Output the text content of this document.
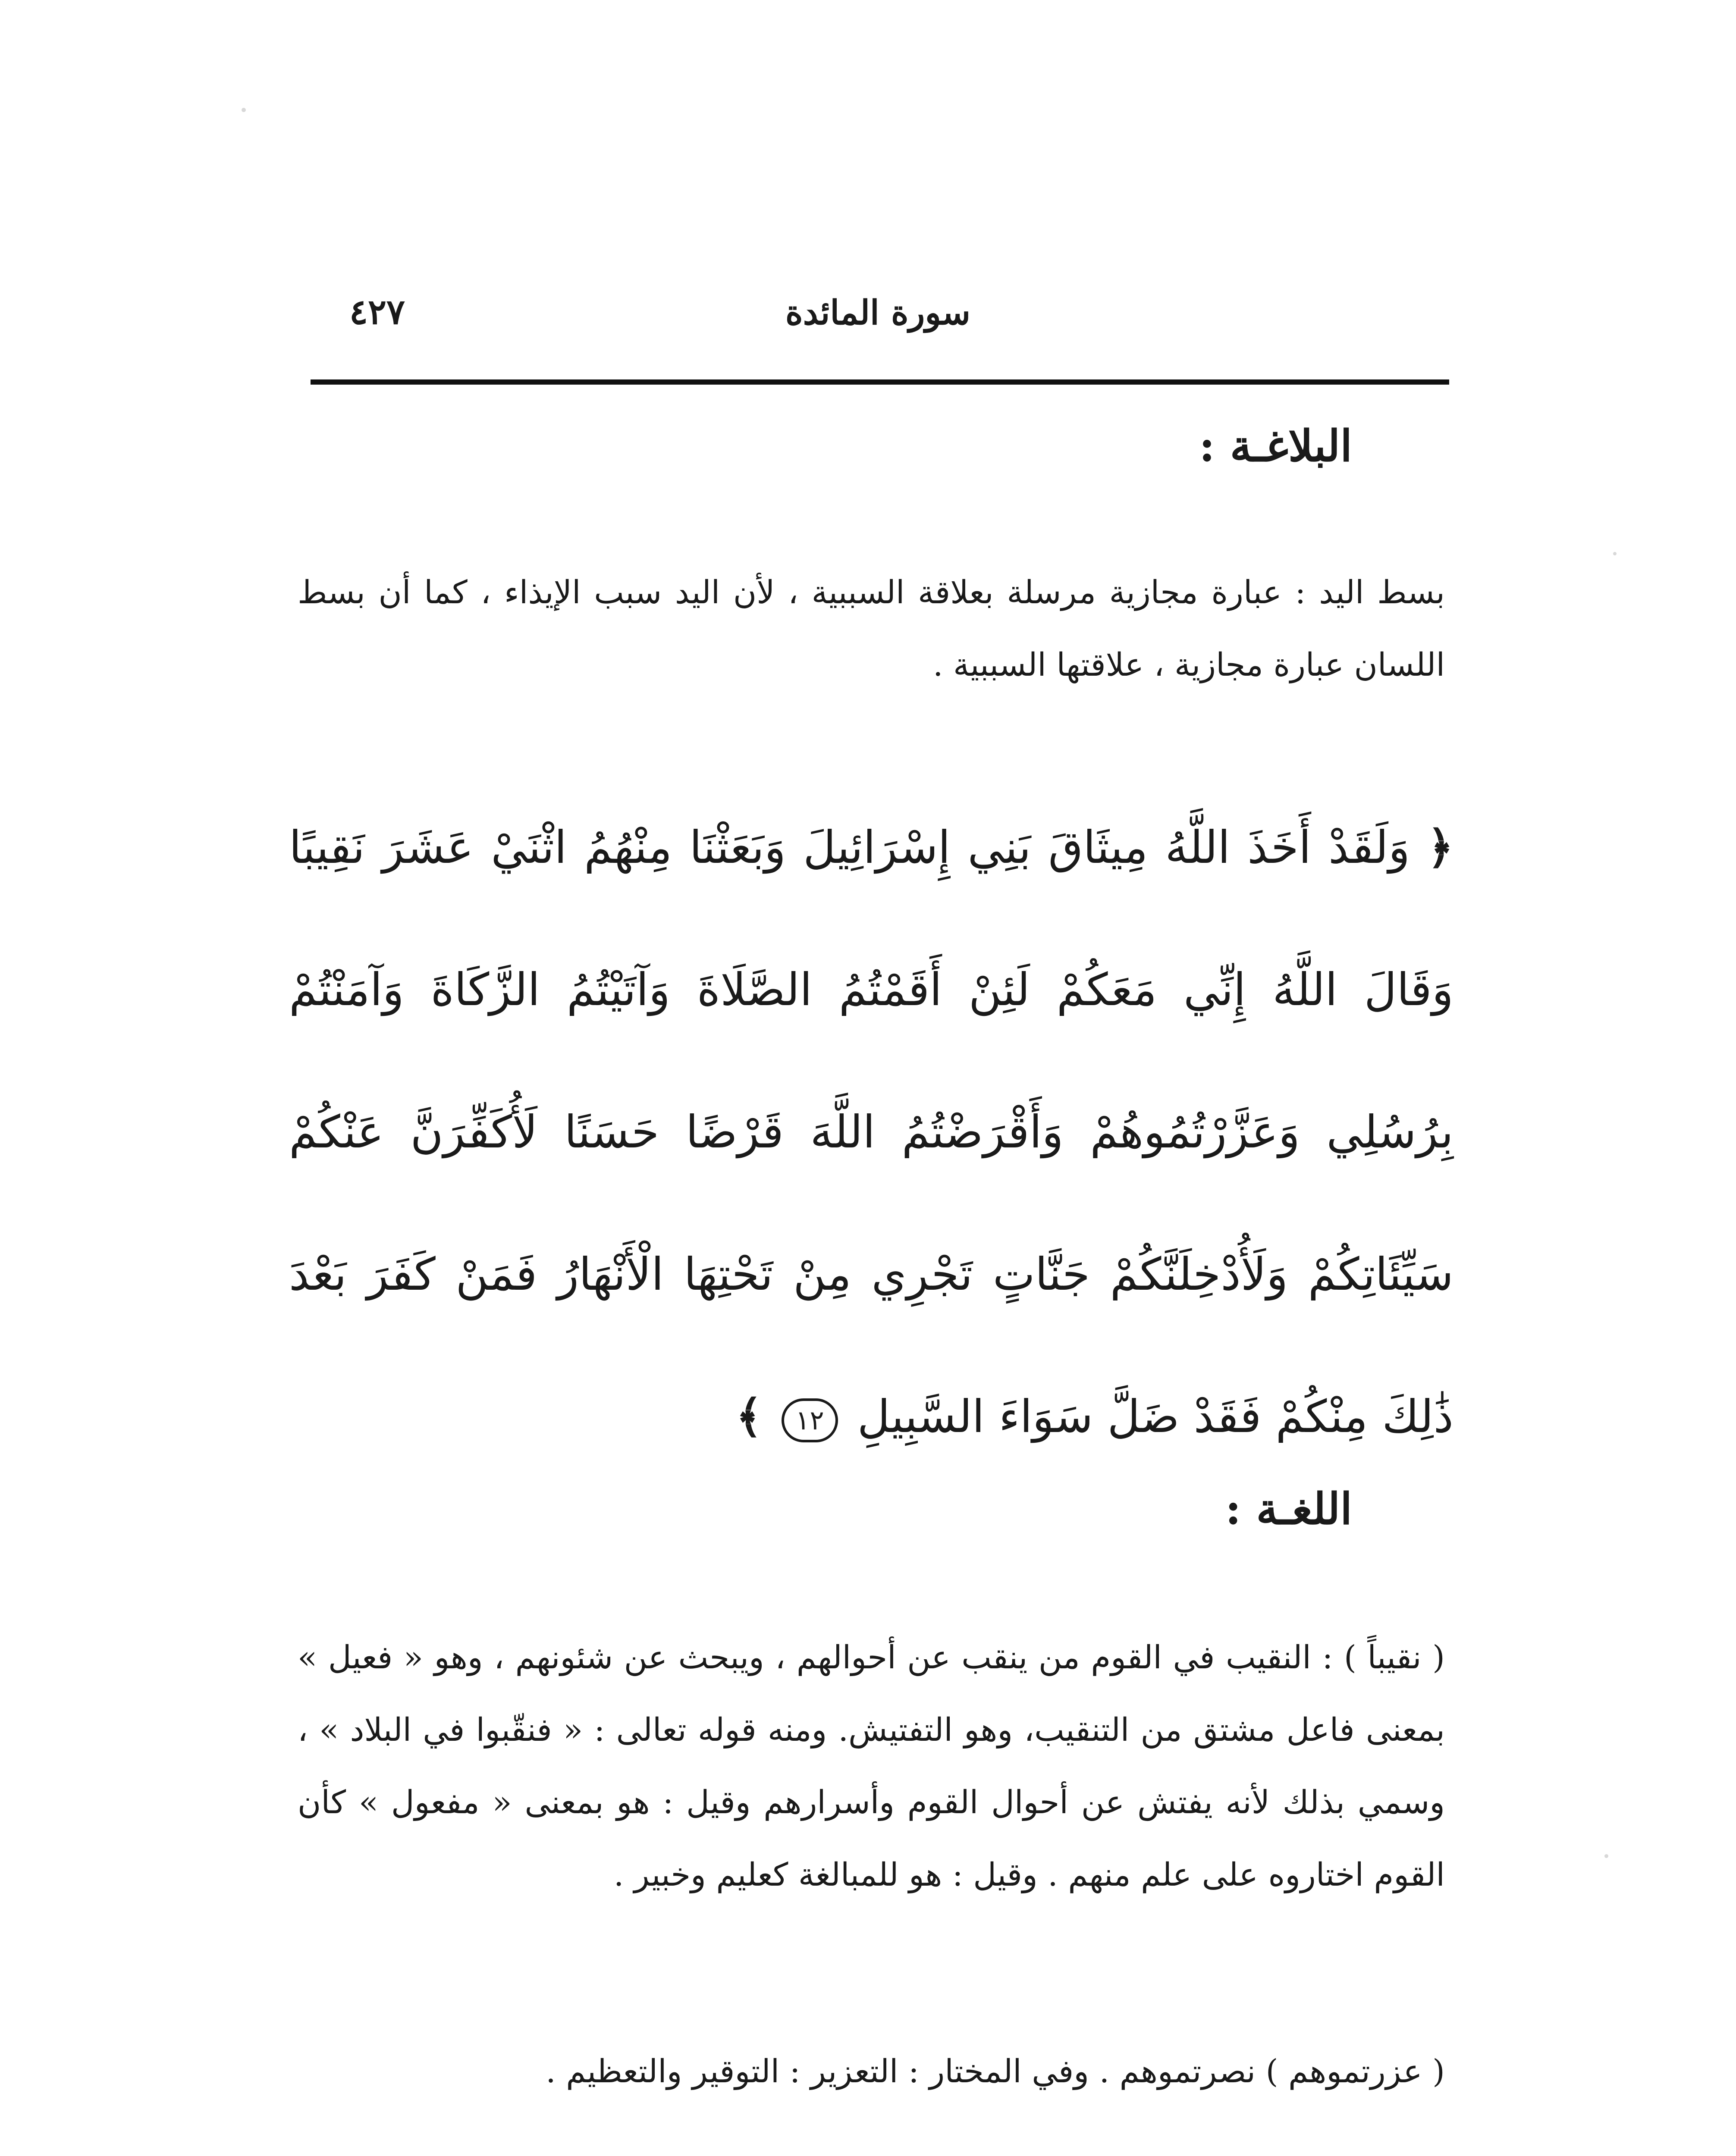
سورة المائدة
٤٢٧
البلاغـة :
بسط اليد : عبارة مجازية مرسلة بعلاقة السببية ، لأن اليد سبب الإيذاء ، كما أن بسط اللسان عبارة مجازية ، علاقتها السببية .
﴿ وَلَقَدْ أَخَذَ اللَّهُ مِيثَاقَ بَنِي إِسْرَائِيلَ وَبَعَثْنَا مِنْهُمُ اثْنَيْ عَشَرَ نَقِيبًا وَقَالَ اللَّهُ إِنِّي مَعَكُمْ لَئِنْ أَقَمْتُمُ الصَّلَاةَ وَآتَيْتُمُ الزَّكَاةَ وَآمَنْتُمْ بِرُسُلِي وَعَزَّرْتُمُوهُمْ وَأَقْرَضْتُمُ اللَّهَ قَرْضًا حَسَنًا لَأُكَفِّرَنَّ عَنْكُمْ سَيِّئَاتِكُمْ وَلَأُدْخِلَنَّكُمْ جَنَّاتٍ تَجْرِي مِنْ تَحْتِهَا الْأَنْهَارُ فَمَنْ كَفَرَ بَعْدَ ذَٰلِكَ مِنْكُمْ فَقَدْ ضَلَّ سَوَاءَ السَّبِيلِ ١٢ ﴾
اللغـة :
( نقيباً ) : النقيب في القوم من ينقب عن أحوالهم ، ويبحث عن شئونهم ، وهو « فعيل » بمعنى فاعل مشتق من التنقيب، وهو التفتيش. ومنه قوله تعالى : « فنقّبوا في البلاد » ، وسمي بذلك لأنه يفتش عن أحوال القوم وأسرارهم وقيل : هو بمعنى « مفعول » كأن القوم اختاروه على علم منهم . وقيل : هو للمبالغة كعليم وخبير .
( عزرتموهم ) نصرتموهم . وفي المختار : التعزير : التوقير والتعظيم .
